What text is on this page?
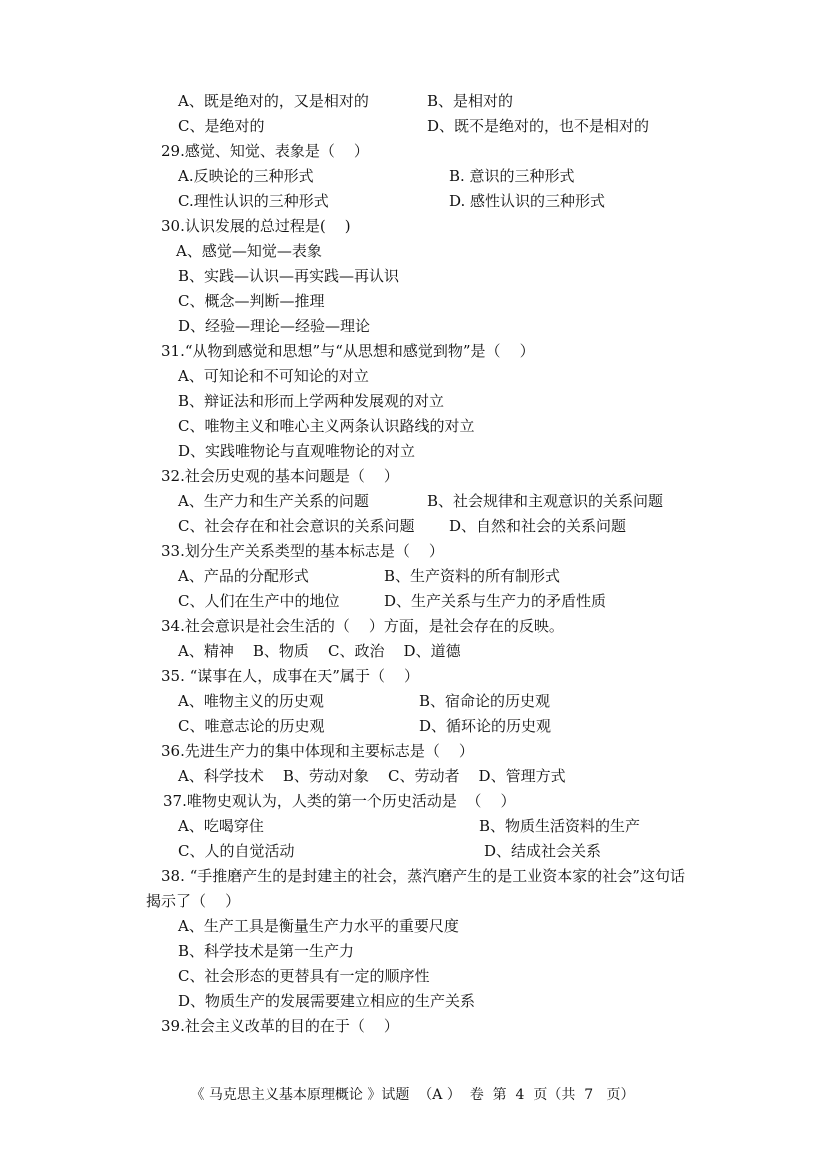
A、既是绝对的，又是相对的	B、是相对的
C、是绝对的	D、既不是绝对的，也不是相对的
29.感觉、知觉、表象是（    ）
A.反映论的三种形式	B. 意识的三种形式
C.理性认识的三种形式	D. 感性认识的三种形式
30.认识发展的总过程是(    )
A、感觉—知觉—表象
B、实践—认识—再实践—再认识
C、概念—判断—推理
D、经验—理论—经验—理论
31.“从物到感觉和思想”与“从思想和感觉到物”是（    ）
A、可知论和不可知论的对立
B、辩证法和形而上学两种发展观的对立
C、唯物主义和唯心主义两条认识路线的对立
D、实践唯物论与直观唯物论的对立
32.社会历史观的基本问题是（    ）
A、生产力和生产关系的问题	B、社会规律和主观意识的关系问题
C、社会存在和社会意识的关系问题 D、自然和社会的关系问题
33.划分生产关系类型的基本标志是（    ）
A、产品的分配形式	B、生产资料的所有制形式
C、人们在生产中的地位	D、生产关系与生产力的矛盾性质
34.社会意识是社会生活的（    ）方面，是社会存在的反映。
A、精神    B、物质    C、政治    D、道德
35. “谋事在人，成事在天”属于（    ）
A、唯物主义的历史观	B、宿命论的历史观
C、唯意志论的历史观	D、循环论的历史观
36.先进生产力的集中体现和主要标志是（    ）
A、科学技术    B、劳动对象    C、劳动者    D、管理方式
37.唯物史观认为，人类的第一个历史活动是  （    ）
A、吃喝穿住	B、物质生活资料的生产
C、人的自觉活动	D、结成社会关系
38. “手推磨产生的是封建主的社会，蒸汽磨产生的是工业资本家的社会”这句话
揭示了（    ）
A、生产工具是衡量生产力水平的重要尺度
B、科学技术是第一生产力
C、社会形态的更替具有一定的顺序性
D、物质生产的发展需要建立相应的生产关系
39.社会主义改革的目的在于（    ）
《 马克思主义基本原理概论 》试题  （A ）  卷  第  4  页（共  7   页）
